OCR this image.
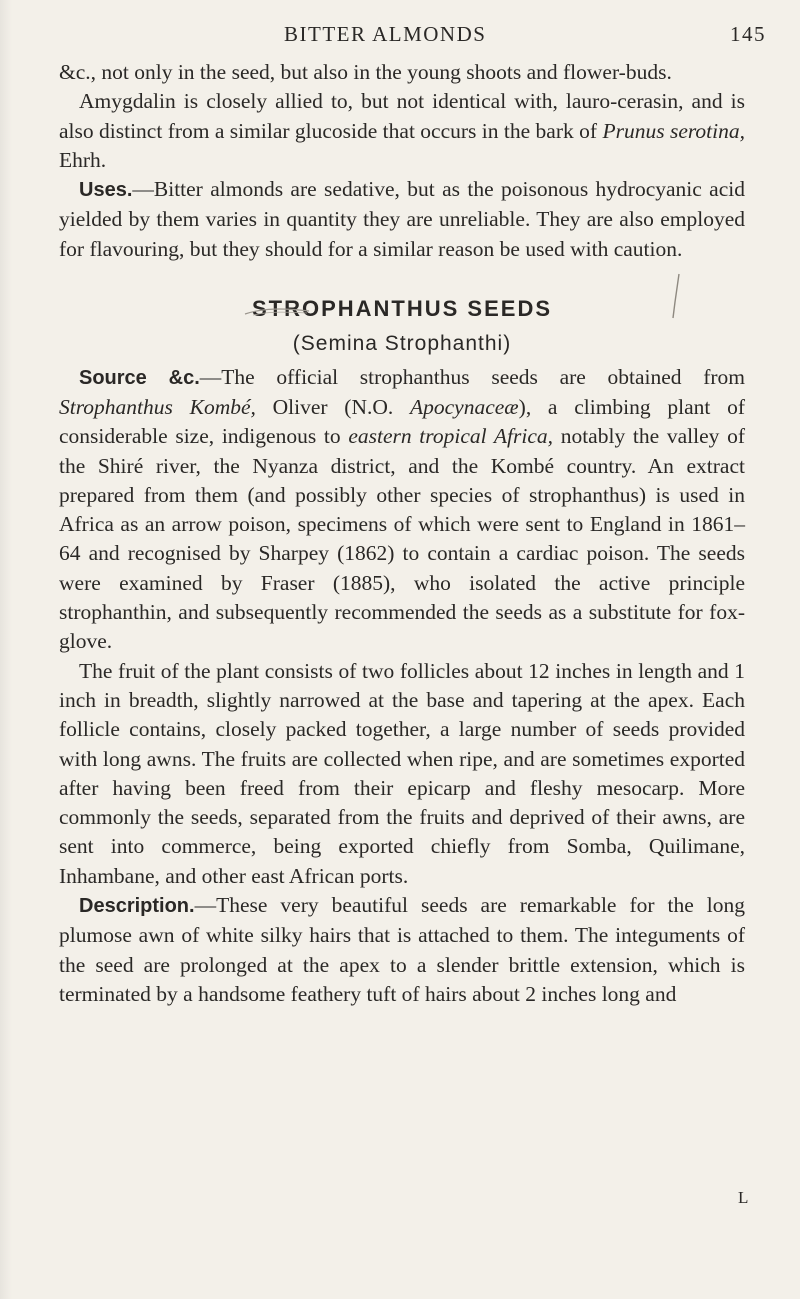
BITTER ALMONDS	145

&c., not only in the seed, but also in the young shoots and flower-buds.

Amygdalin is closely allied to, but not identical with, lauro-cerasin, and is also distinct from a similar glucoside that occurs in the bark of Prunus serotina, Ehrh.

Uses.—Bitter almonds are sedative, but as the poisonous hydrocyanic acid yielded by them varies in quantity they are unreliable. They are also employed for flavouring, but they should for a similar reason be used with caution.

STROPHANTHUS SEEDS
(Semina Strophanthi)

Source &c.—The official strophanthus seeds are obtained from Strophanthus Kombé, Oliver (N.O. Apocynaceæ), a climbing plant of considerable size, indigenous to eastern tropical Africa, notably the valley of the Shiré river, the Nyanza district, and the Kombé country. An extract prepared from them (and possibly other species of strophanthus) is used in Africa as an arrow poison, specimens of which were sent to England in 1861–64 and recognised by Sharpey (1862) to contain a cardiac poison. The seeds were examined by Fraser (1885), who isolated the active principle strophanthin, and subsequently recommended the seeds as a substitute for fox-glove.

The fruit of the plant consists of two follicles about 12 inches in length and 1 inch in breadth, slightly narrowed at the base and tapering at the apex. Each follicle contains, closely packed together, a large number of seeds provided with long awns. The fruits are collected when ripe, and are sometimes exported after having been freed from their epicarp and fleshy mesocarp. More commonly the seeds, separated from the fruits and deprived of their awns, are sent into commerce, being exported chiefly from Somba, Quilimane, Inhambane, and other east African ports.

Description.—These very beautiful seeds are remarkable for the long plumose awn of white silky hairs that is attached to them. The integuments of the seed are prolonged at the apex to a slender brittle extension, which is terminated by a handsome feathery tuft of hairs about 2 inches long and

L
